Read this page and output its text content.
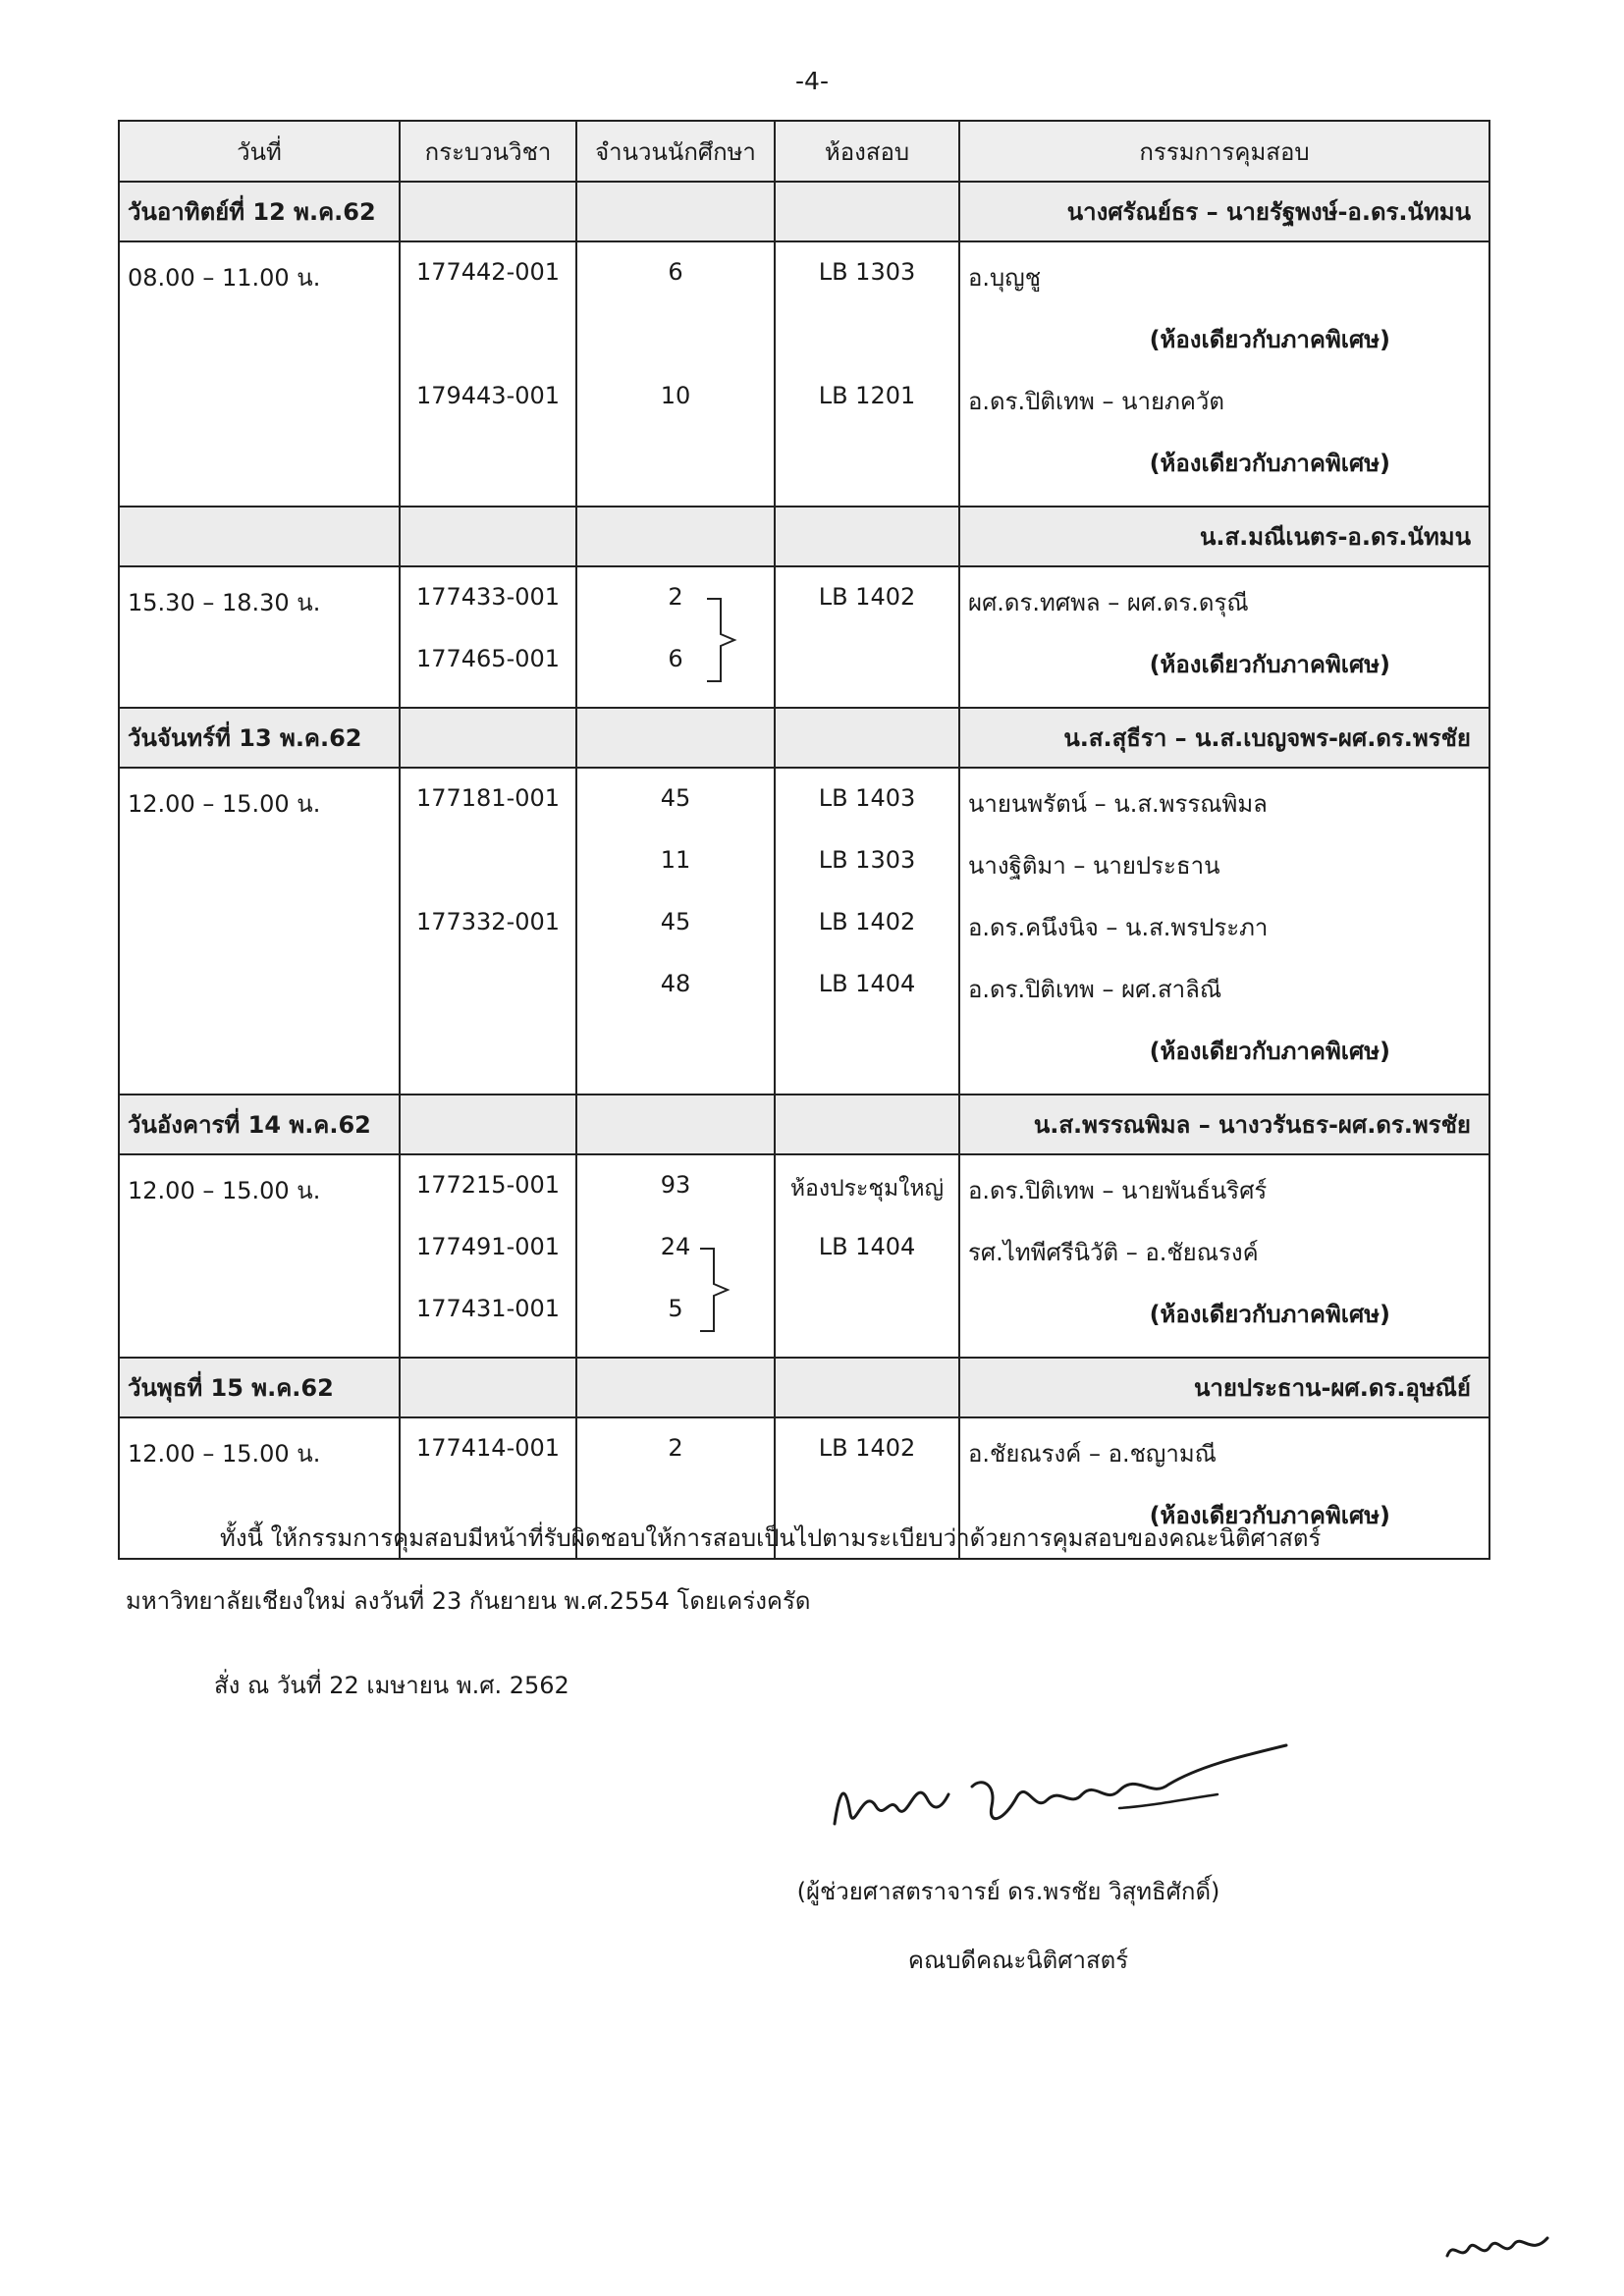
-4-
วันที่	กระบวนวิชา	จำนวนนักศึกษา	ห้องสอบ	กรรมการคุมสอบ
วันอาทิตย์ที่ 12 พ.ค.62				นางศรัณย์ธร – นายรัฐพงษ์-อ.ดร.นัทมน
08.00 – 11.00 น.	177442-001	6	LB 1303	อ.บุญชู
				(ห้องเดียวกับภาคพิเศษ)
	179443-001	10	LB 1201	อ.ดร.ปิติเทพ – นายภควัต
				(ห้องเดียวกับภาคพิเศษ)
				น.ส.มณีเนตร-อ.ดร.นัทมน
15.30 – 18.30 น.	177433-001	2	LB 1402	ผศ.ดร.ทศพล – ผศ.ดร.ดรุณี
	177465-001	6		(ห้องเดียวกับภาคพิเศษ)
วันจันทร์ที่ 13 พ.ค.62				น.ส.สุธีรา – น.ส.เบญจพร-ผศ.ดร.พรชัย
12.00 – 15.00 น.	177181-001	45	LB 1403	นายนพรัตน์ – น.ส.พรรณพิมล
		11	LB 1303	นางฐิติมา – นายประธาน
	177332-001	45	LB 1402	อ.ดร.คนึงนิจ – น.ส.พรประภา
		48	LB 1404	อ.ดร.ปิติเทพ – ผศ.สาลิณี
				(ห้องเดียวกับภาคพิเศษ)
วันอังคารที่ 14 พ.ค.62				น.ส.พรรณพิมล – นางวรันธร-ผศ.ดร.พรชัย
12.00 – 15.00 น.	177215-001	93	ห้องประชุมใหญ่	อ.ดร.ปิติเทพ – นายพันธ์นริศร์
	177491-001	24	LB 1404	รศ.ไทพีศรีนิวัติ – อ.ชัยณรงค์
	177431-001	5		(ห้องเดียวกับภาคพิเศษ)
วันพุธที่ 15 พ.ค.62				นายประธาน-ผศ.ดร.อุษณีย์
12.00 – 15.00 น.	177414-001	2	LB 1402	อ.ชัยณรงค์ – อ.ชญามณี
				(ห้องเดียวกับภาคพิเศษ)
ทั้งนี้ ให้กรรมการคุมสอบมีหน้าที่รับผิดชอบให้การสอบเป็นไปตามระเบียบว่าด้วยการคุมสอบของคณะนิติศาสตร์
มหาวิทยาลัยเชียงใหม่ ลงวันที่ 23 กันยายน พ.ศ.2554 โดยเคร่งครัด
สั่ง ณ วันที่ 22 เมษายน พ.ศ. 2562
(ผู้ช่วยศาสตราจารย์ ดร.พรชัย วิสุทธิศักดิ์)
คณบดีคณะนิติศาสตร์
